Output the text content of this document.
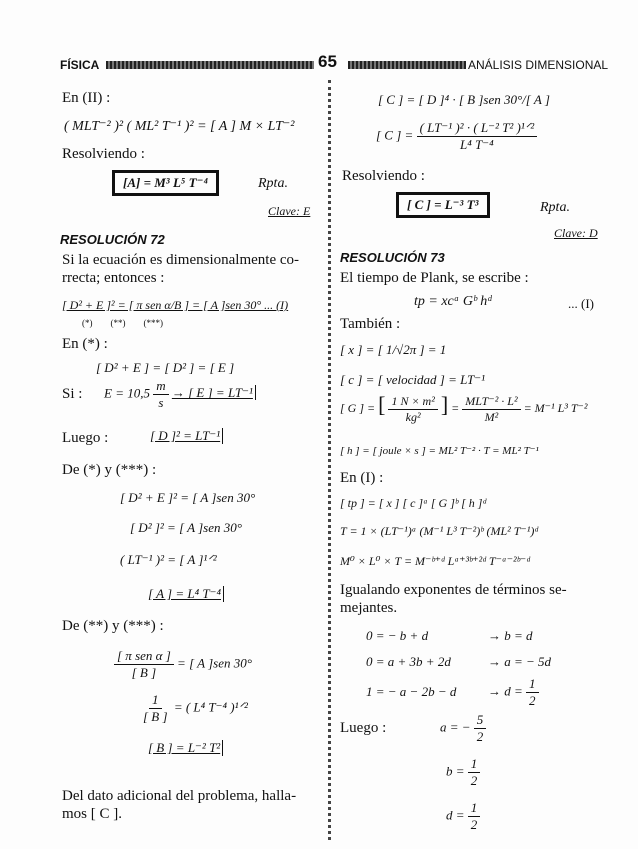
FÍSICA	65	ANÁLISIS DIMENSIONAL
En (II) :
( MLT⁻² )² ( ML² T⁻¹ )² = [ A ] M × LT⁻²
Resolviendo :
[A] = M³ L⁵ T⁻⁴	Rpta.
Clave: E
RESOLUCIÓN 72
Si la ecuación es dimensionalmente co-
rrecta; entonces :
[ D² + E ]² = [ π sen α/B ] = [ A ]sen 30° ... (I)
(*)        (**)        (***)
En (*) :
[ D² + E ] = [ D² ] = [ E ]
Si : $E = 10,5 \frac{m}{s}$ → [ E ] = LT⁻¹
Luego :	[ D ]² = LT⁻¹
De (*) y (***) :
[ D² + E ]² = [ A ]sen 30°
[ D² ]² = [ A ]sen 30°
( LT⁻¹ )² = [ A ]¹ᐟ²
[ A ] = L⁴ T⁻⁴
De (**) y (***) :
$\frac{\text{[ π sen α ]}}{[ B ]}$ = [ A ]sen 30°
$\frac{1}{[ B ]}$ = ( L⁴ T⁻⁴ )¹ᐟ²
[ B ] = L⁻² T²
Del dato adicional del problema, halla-
mos [ C ].
[ C ] = [ D ]⁴ · [ B ]sen 30°/[ A ]
[ C ] = $\frac{\text{( LT⁻¹ )² · ( L⁻² T² )¹ᐟ²}}{\text{L⁴ T⁻⁴}}$
Resolviendo :
[ C ] = L⁻³ T³	Rpta.
Clave: D
RESOLUCIÓN 73
El tiempo de Plank, se escribe :
tp = xcᵃ Gᵇ hᵈ	... (I)
También :
[ x ] = [ 1/√2π ] = 1
[ c ] = [ velocidad ] = LT⁻¹
[ G ] = [ $\frac{\text{1 N × m²}}{\text{kg²}}$ ] = $\frac{\text{MLT⁻² · L²}}{\text{M²}} = M^{-1}$ L³ T⁻²
[ h ] = [ joule × s ] = ML² T⁻² · T = ML² T⁻¹
En (I) :
[ tp ] = [ x ] [ c ]ᵃ [ G ]ᵇ [ h ]ᵈ
T = 1 × (LT⁻¹)ᵃ (M⁻¹ L³ T⁻²)ᵇ (ML² T⁻¹)ᵈ
M⁰ × L⁰ × T = M⁻ᵇ⁺ᵈ Lᵃ⁺³ᵇ⁺²ᵈ T⁻ᵃ⁻²ᵇ⁻ᵈ
Igualando exponentes de términos se-
mejantes.
0 = − b + d	→ b = d
0 = a + 3b + 2d	→ a = − 5d
1 = − $a - 2b - d \to d = \frac{1}{2}$
Luego :	a = − $\frac{5}{2}$
$b = \frac{1}{2}$
$d = \frac{1}{2}$
